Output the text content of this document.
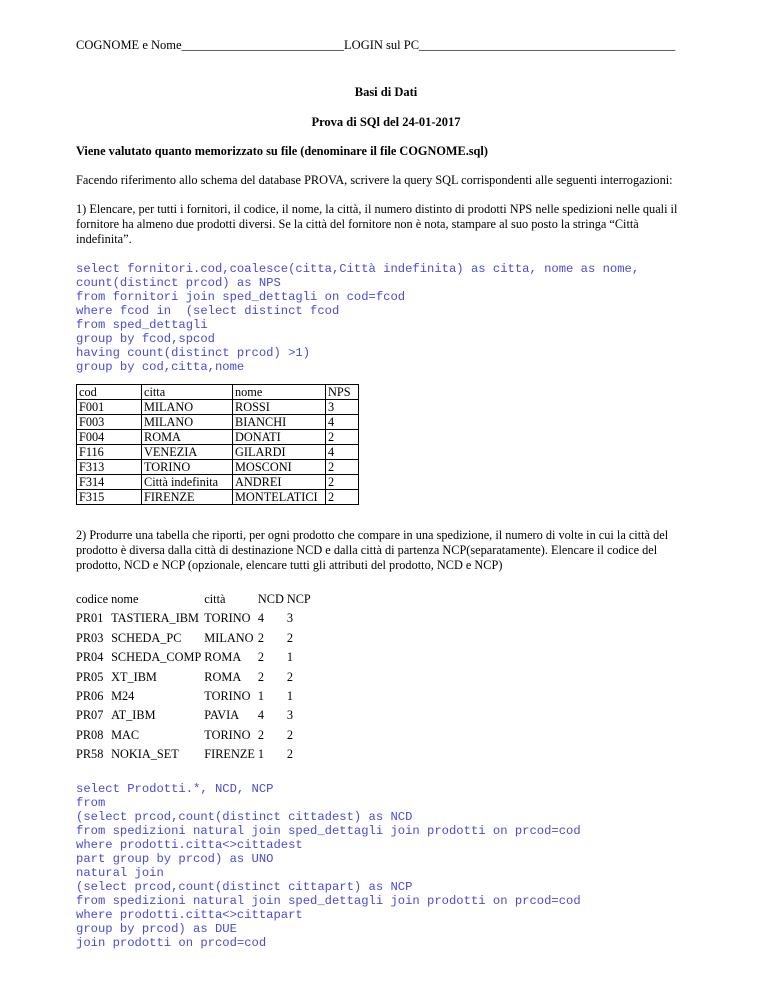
COGNOME e Nome__________________________LOGIN sul PC_________________________________________
Basi di Dati
Prova di SQl del 24-01-2017

Viene valutato quanto memorizzato su file (denominare il file COGNOME.sql)

Facendo riferimento allo schema del database PROVA, scrivere la query SQL corrispondenti alle seguenti interrogazioni:

1) Elencare, per tutti i fornitori, il codice, il nome, la città, il numero distinto di prodotti NPS nelle spedizioni nelle quali il fornitore ha almeno due prodotti diversi. Se la città del fornitore non è nota, stampare al suo posto la stringa “Città indefinita”.

select fornitori.cod,coalesce(citta,Città indefinita) as citta, nome as nome,
count(distinct prcod) as NPS
from fornitori join sped_dettagli on cod=fcod
where fcod in  (select distinct fcod
from sped_dettagli
group by fcod,spcod
having count(distinct prcod) >1)
group by cod,citta,nome
cod	citta	nome	NPS
F001	MILANO	ROSSI	3
F003	MILANO	BIANCHI	4
F004	ROMA	DONATI	2
F116	VENEZIA	GILARDI	4
F313	TORINO	MOSCONI	2
F314	Città indefinita	ANDREI	2
F315	FIRENZE	MONTELATICI	2

2) Produrre una tabella che riporti, per ogni prodotto che compare in una spedizione, il numero di volte in cui la città del prodotto è diversa dalla città di destinazione NCD e dalla città di partenza NCP(separatamente). Elencare il codice del prodotto, NCD e NCP (opzionale, elencare tutti gli attributi del prodotto, NCD e NCP)

codice	nome	città	NCD	NCP
PR01	TASTIERA_IBM	TORINO	4	3
PR03	SCHEDA_PC	MILANO	2	2
PR04	SCHEDA_COMP	ROMA	2	1
PR05	XT_IBM	ROMA	2	2
PR06	M24	TORINO	1	1
PR07	AT_IBM	PAVIA	4	3
PR08	MAC	TORINO	2	2
PR58	NOKIA_SET	FIRENZE	1	2
select Prodotti.*, NCD, NCP
from
(select prcod,count(distinct cittadest) as NCD
from spedizioni natural join sped_dettagli join prodotti on prcod=cod
where prodotti.citta<>cittadest
part group by prcod) as UNO
natural join
(select prcod,count(distinct cittapart) as NCP
from spedizioni natural join sped_dettagli join prodotti on prcod=cod
where prodotti.citta<>cittapart
group by prcod) as DUE
join prodotti on prcod=cod
